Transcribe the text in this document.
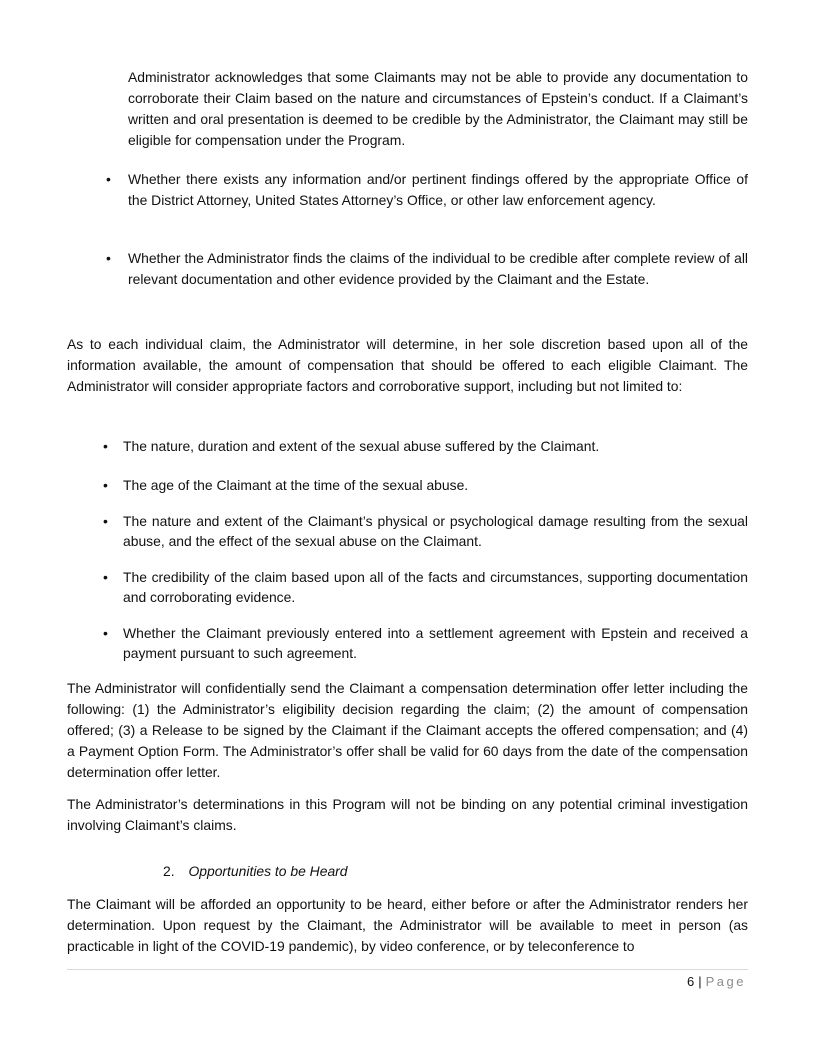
Administrator acknowledges that some Claimants may not be able to provide any documentation to corroborate their Claim based on the nature and circumstances of Epstein’s conduct. If a Claimant’s written and oral presentation is deemed to be credible by the Administrator, the Claimant may still be eligible for compensation under the Program.

• Whether there exists any information and/or pertinent findings offered by the appropriate Office of the District Attorney, United States Attorney’s Office, or other law enforcement agency.

• Whether the Administrator finds the claims of the individual to be credible after complete review of all relevant documentation and other evidence provided by the Claimant and the Estate.

As to each individual claim, the Administrator will determine, in her sole discretion based upon all of the information available, the amount of compensation that should be offered to each eligible Claimant. The Administrator will consider appropriate factors and corroborative support, including but not limited to:

• The nature, duration and extent of the sexual abuse suffered by the Claimant.

• The age of the Claimant at the time of the sexual abuse.

• The nature and extent of the Claimant’s physical or psychological damage resulting from the sexual abuse, and the effect of the sexual abuse on the Claimant.

• The credibility of the claim based upon all of the facts and circumstances, supporting documentation and corroborating evidence.

• Whether the Claimant previously entered into a settlement agreement with Epstein and received a payment pursuant to such agreement.

The Administrator will confidentially send the Claimant a compensation determination offer letter including the following: (1) the Administrator’s eligibility decision regarding the claim; (2) the amount of compensation offered; (3) a Release to be signed by the Claimant if the Claimant accepts the offered compensation; and (4) a Payment Option Form. The Administrator’s offer shall be valid for 60 days from the date of the compensation determination offer letter.

The Administrator’s determinations in this Program will not be binding on any potential criminal investigation involving Claimant’s claims.

2. Opportunities to be Heard

The Claimant will be afforded an opportunity to be heard, either before or after the Administrator renders her determination. Upon request by the Claimant, the Administrator will be available to meet in person (as practicable in light of the COVID-19 pandemic), by video conference, or by teleconference to

6 | Page
